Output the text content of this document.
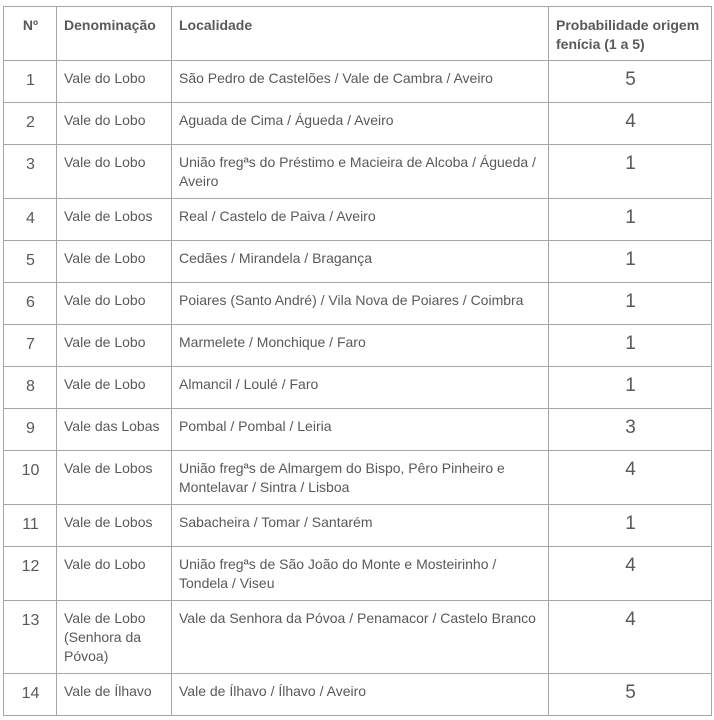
Nº	Denominação	Localidade	Probabilidade origem fenícia (1 a 5)
1	Vale do Lobo	São Pedro de Castelões / Vale de Cambra / Aveiro	5
2	Vale do Lobo	Aguada de Cima / Águeda / Aveiro	4
3	Vale do Lobo	União fregªs do Préstimo e Macieira de Alcoba / Águeda / Aveiro	1
4	Vale de Lobos	Real / Castelo de Paiva / Aveiro	1
5	Vale de Lobo	Cedães / Mirandela / Bragança	1
6	Vale do Lobo	Poiares (Santo André) / Vila Nova de Poiares / Coimbra	1
7	Vale de Lobo	Marmelete / Monchique / Faro	1
8	Vale de Lobo	Almancil / Loulé / Faro	1
9	Vale das Lobas	Pombal / Pombal / Leiria	3
10	Vale de Lobos	União fregªs de Almargem do Bispo, Pêro Pinheiro e Montelavar / Sintra / Lisboa	4
11	Vale de Lobos	Sabacheira / Tomar / Santarém	1
12	Vale do Lobo	União fregªs de São João do Monte e Mosteirinho / Tondela / Viseu	4
13	Vale de Lobo (Senhora da Póvoa)	Vale da Senhora da Póvoa / Penamacor / Castelo Branco	4
14	Vale de Ílhavo	Vale de Ílhavo / Ílhavo / Aveiro	5
